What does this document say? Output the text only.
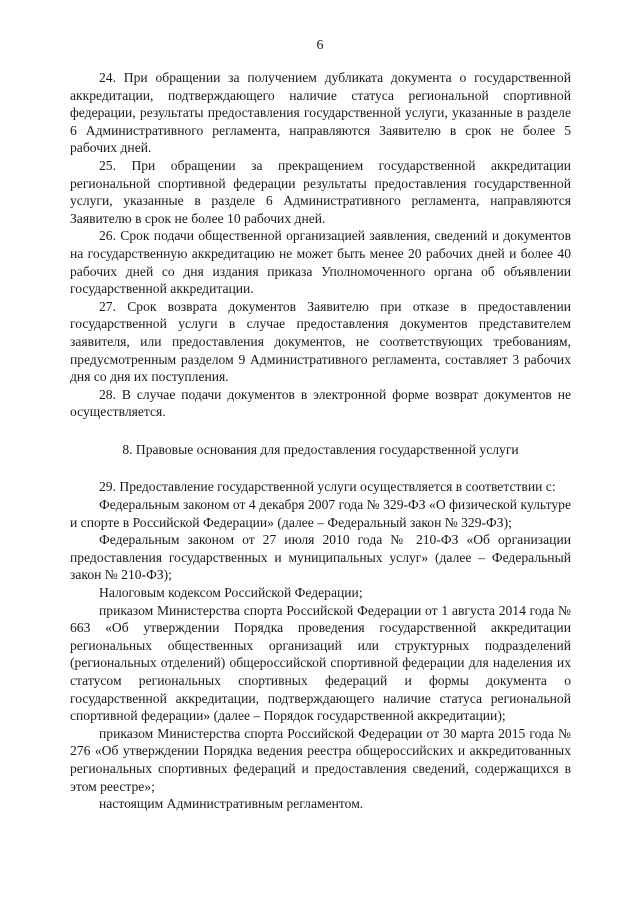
6

24. При обращении за получением дубликата документа о государственной аккредитации, подтверждающего наличие статуса региональной спортивной федерации, результаты предоставления государственной услуги, указанные в разделе 6 Административного регламента, направляются Заявителю в срок не более 5 рабочих дней.

25. При обращении за прекращением государственной аккредитации региональной спортивной федерации результаты предоставления государственной услуги, указанные в разделе 6 Административного регламента, направляются Заявителю в срок не более 10 рабочих дней.

26. Срок подачи общественной организацией заявления, сведений и документов на государственную аккредитацию не может быть менее 20 рабочих дней и более 40 рабочих дней со дня издания приказа Уполномоченного органа об объявлении государственной аккредитации.

27. Срок возврата документов Заявителю при отказе в предоставлении государственной услуги в случае предоставления документов представителем заявителя, или предоставления документов, не соответствующих требованиям, предусмотренным разделом 9 Административного регламента, составляет 3 рабочих дня со дня их поступления.

28. В случае подачи документов в электронной форме возврат документов не осуществляется.

8. Правовые основания для предоставления государственной услуги

29. Предоставление государственной услуги осуществляется в соответствии с:

Федеральным законом от 4 декабря 2007 года № 329-ФЗ «О физической культуре и спорте в Российской Федерации» (далее – Федеральный закон № 329-ФЗ);

Федеральным законом от 27 июля 2010 года № 210-ФЗ «Об организации предоставления государственных и муниципальных услуг» (далее – Федеральный закон № 210-ФЗ);

Налоговым кодексом Российской Федерации;

приказом Министерства спорта Российской Федерации от 1 августа 2014 года № 663 «Об утверждении Порядка проведения государственной аккредитации региональных общественных организаций или структурных подразделений (региональных отделений) общероссийской спортивной федерации для наделения их статусом региональных спортивных федераций и формы документа о государственной аккредитации, подтверждающего наличие статуса региональной спортивной федерации» (далее – Порядок государственной аккредитации);

приказом Министерства спорта Российской Федерации от 30 марта 2015 года № 276 «Об утверждении Порядка ведения реестра общероссийских и аккредитованных региональных спортивных федераций и предоставления сведений, содержащихся в этом реестре»;

настоящим Административным регламентом.
